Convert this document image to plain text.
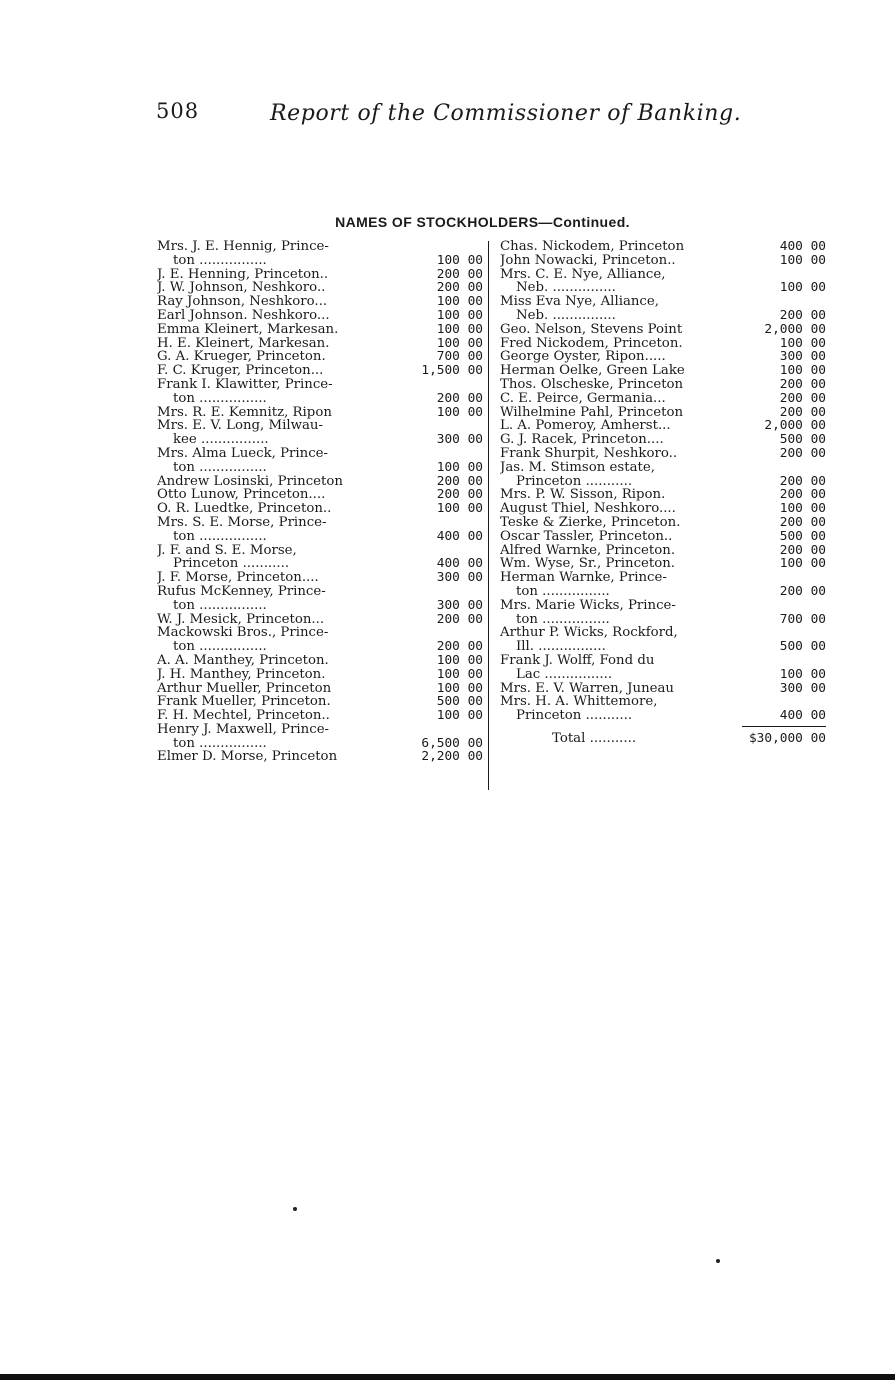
508	Report of the Commissioner of Banking.
NAMES OF STOCKHOLDERS—Continued.
Mrs. J. E. Hennig, Prince-
ton ................	100 00
J. E. Henning, Princeton..	200 00
J. W. Johnson, Neshkoro..	200 00
Ray Johnson, Neshkoro...	100 00
Earl Johnson. Neshkoro...	100 00
Emma Kleinert, Markesan.	100 00
H. E. Kleinert, Markesan.	100 00
G. A. Krueger, Princeton.	700 00
F. C. Kruger, Princeton...	1,500 00
Frank I. Klawitter, Prince-
ton ................	200 00
Mrs. R. E. Kemnitz, Ripon	100 00
Mrs. E. V. Long, Milwau-
kee ................	300 00
Mrs. Alma Lueck, Prince-
ton ................	100 00
Andrew Losinski, Princeton	200 00
Otto Lunow, Princeton....	200 00
O. R. Luedtke, Princeton..	100 00
Mrs. S. E. Morse, Prince-
ton ................	400 00
J. F. and S. E. Morse,
Princeton ...........	400 00
J. F. Morse, Princeton....	300 00
Rufus McKenney, Prince-
ton ................	300 00
W. J. Mesick, Princeton...	200 00
Mackowski Bros., Prince-
ton ................	200 00
A. A. Manthey, Princeton.	100 00
J. H. Manthey, Princeton.	100 00
Arthur Mueller, Princeton	100 00
Frank Mueller, Princeton.	500 00
F. H. Mechtel, Princeton..	100 00
Henry J. Maxwell, Prince-
ton ................	6,500 00
Elmer D. Morse, Princeton	2,200 00
Chas. Nickodem, Princeton	400 00
John Nowacki, Princeton..	100 00
Mrs. C. E. Nye, Alliance,
Neb. ...............	100 00
Miss Eva Nye, Alliance,
Neb. ...............	200 00
Geo. Nelson, Stevens Point	2,000 00
Fred Nickodem, Princeton.	100 00
George Oyster, Ripon.....	300 00
Herman Oelke, Green Lake	100 00
Thos. Olscheske, Princeton	200 00
C. E. Peirce, Germania...	200 00
Wilhelmine Pahl, Princeton	200 00
L. A. Pomeroy, Amherst...	2,000 00
G. J. Racek, Princeton....	500 00
Frank Shurpit, Neshkoro..	200 00
Jas. M. Stimson estate,
Princeton ...........	200 00
Mrs. P. W. Sisson, Ripon.	200 00
August Thiel, Neshkoro....	100 00
Teske & Zierke, Princeton.	200 00
Oscar Tassler, Princeton..	500 00
Alfred Warnke, Princeton.	200 00
Wm. Wyse, Sr., Princeton.	100 00
Herman Warnke, Prince-
ton ................	200 00
Mrs. Marie Wicks, Prince-
ton ................	700 00
Arthur P. Wicks, Rockford,
Ill. ................	500 00
Frank J. Wolff, Fond du
Lac ................	100 00
Mrs. E. V. Warren, Juneau	300 00
Mrs. H. A. Whittemore,
Princeton ...........	400 00
Total ...........	$30,000 00
